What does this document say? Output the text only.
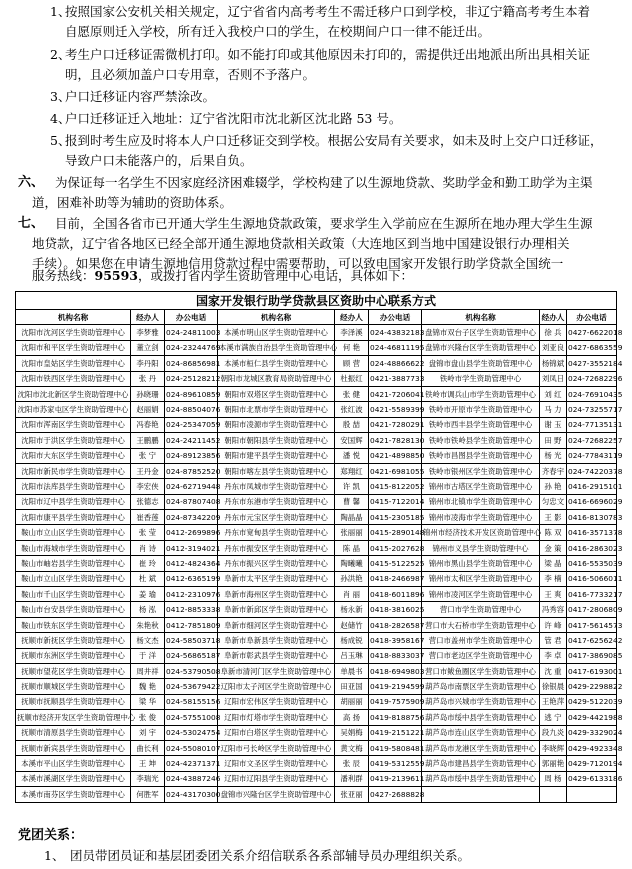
1、
按照国家公安机关相关规定，辽宁省省内高考考生不需迁移户口到学校，非辽宁籍高考考生本着
自愿原则迁入学校，所有迁入我校户口的学生，在校期间户口一律不能迁出。
2、
考生户口迁移证需微机打印。如不能打印或其他原因未打印的，需提供迁出地派出所出具相关证
明，且必须加盖户口专用章，否则不予落户。
3、
户口迁移证内容严禁涂改。
4、
户口迁移证迁入地址：辽宁省沈阳市沈北新区沈北路 53 号。
5、
报到时考生应及时将本人户口迁移证交到学校。根据公安局有关要求，如未及时上交户口迁移证，
导致户口未能落户的，后果自负。
六、 为保证每一名学生不因家庭经济困难辍学，学校构建了以生源地贷款、奖助学金和勤工助学为主渠
道，困难补助等为辅助的资助体系。
七、 目前，全国各省市已开通大学生生源地贷款政策，要求学生入学前应在生源所在地办理大学生生源
地贷款，辽宁省各地区已经全部开通生源地贷款相关政策（大连地区到当地中国建设银行办理相关
手续）。如果您在申请生源地信用贷款过程中需要帮助，可以致电国家开发银行助学贷款全国统一
服务热线：95593，或拨打省内学生资助管理中心电话，具体如下：
国家开发银行助学贷款县区资助中心联系方式								
机构名称	经办人	办公电话	机构名称	经办人	办公电话	机构名称	经办人	办公电话
沈阳市沈河区学生资助管理中心	李梦雅	024-24811003	本溪市明山区学生资助管理中心	李泽溪	024-43832183	盘锦市双台子区学生资助管理中心	徐 兵	0427-6622018
沈阳市和平区学生资助管理中心	董立剑	024-23244769	本溪市满族自治县学生资助管理中心	何 艳	024-46811195	盘锦市兴隆台区学生资助管理中心	刘亚良	0427-6863559
沈阳市皇姑区学生资助管理中心	李丹阳	024-86856981	本溪市桓仁县学生资助管理中心	顾 营	024-48866622	盘锦市盘山县学生资助管理中心	杨锦斌	0427-3552184
沈阳市铁西区学生资助管理中心	张 丹	024-25128212	朝阳市龙城区教育局资助管理中心	杜振红	0421-3887733	铁岭市学生资助管理中心	刘凤日	024-72682296
沈阳市沈北新区学生资助管理中心	孙晓珊	024-89610859	朝阳市双塔区学生资助管理中心	张 健	0421-7206041	铁岭市调兵山市学生资助管理中心	刘 红	024-76910435
沈阳市苏家屯区学生资助管理中心	赵丽娟	024-88504076	朝阳市北票市学生资助管理中心	张红波	0421-5589399	铁岭市开原市学生资助管理中心	马 力	024-73255717
沈阳市浑南区学生资助管理中心	冯春艳	024-25347059	朝阳市凌源市学生资助管理中心	殷 喆	0421-7280291	铁岭市西丰县学生资助管理中心	谢 玉	024-77135131
沈阳市于洪区学生资助管理中心	王鹏鹏	024-24211452	朝阳市朝阳县学生资助管理中心	安国辉	0421-7828130	铁岭市铁岭县学生资助管理中心	田 野	024-72682257
沈阳市大东区学生资助管理中心	张 宁	024-89123856	朝阳市建平县学生资助管理中心	潘 悦	0421-4898850	铁岭市昌图县学生资助管理中心	杨 光	024-77843119
沈阳市新民市学生资助管理中心	王丹金	024-87852520	朝阳市喀左县学生资助管理中心	郑翔红	0421-6981055	铁岭市银州区学生资助管理中心	齐春宇	024-74220378
沈阳市法库县学生资助管理中心	李宏侠	024-62719448	丹东市凤城市学生资助管理中心	许 凯	0415-8122052	锦州市古塔区学生资助管理中心	孙 艳	0416-2915101
沈阳市辽中县学生资助管理中心	张德志	024-87807408	丹东市东港市学生资助管理中心	曹 馨	0415-7122014	锦州市北镇市学生资助管理中心	匀忠文	0416-6696029
沈阳市康平县学生资助管理中心	崔香莲	024-87342209	丹东市元宝区学生资助管理中心	陶晶晶	0415-2305185	锦州市凌海市学生资助管理中心	王 影	0416-8130783
鞍山市立山区学生资助管理中心	张 莹	0412-2699896	丹东市宽甸县学生资助管理中心	张丽丽	0415-2890148	锦州市经济技术开发区资助管理中心	陈 双	0416-3571378
鞍山市海城市学生资助管理中心	肖 诗	0412-3194021	丹东市振安区学生资助管理中心	陈 晶	0415-2027628	锦州市义县学生资助管理中心	金 策	0416-2863023
鞍山市岫岩县学生资助管理中心	崔 玲	0412-4824364	丹东市振兴区学生资助管理中心	陶曦曦	0415-5122525	锦州市黑山县学生资助管理中心	梁 晶	0416-5535039
鞍山市立山区学生资助管理中心	杜 斌	0412-6365199	阜新市太平区学生资助管理中心	孙洪艳	0418-2466987	锦州市太和区学生资助管理中心	李 楠	0416-5066011
鞍山市千山区学生资助管理中心	姜 瑜	0412-2310976	阜新市海州区学生资助管理中心	肖 丽	0418-6011896	锦州市凌河区学生资助管理中心	王 爽	0416-7733217
鞍山市台安县学生资助管理中心	杨 泓	0412-8853338	阜新市新邱区学生资助管理中心	杨永新	0418-3816025	营口市学生资助管理中心	冯秀容	0417-2806809
鞍山市铁东区学生资助管理中心	朱艳秋	0412-7851809	阜新市细河区学生资助管理中心	赵储竹	0418-2826587	营口市大石桥市学生资助管理中心	许 峰	0417-5614573
抚顺市新抚区学生资助管理中心	杨文杰	024-58503718	阜新市阜新县学生资助管理中心	杨成锐	0418-3958167	营口市盖州市学生资助管理中心	管 君	0417-6256242
抚顺市东洲区学生资助管理中心	于 洋	024-56865187	阜新市彰武县学生资助管理中心	吕玉琳	0418-8833037	营口市老边区学生资助管理中心	李 卓	0417-3869085
抚顺市望花区学生资助管理中心	周井祥	024-53790508	阜新市清河门区学生资助管理中心	单晨书	0418-6949803	营口市鲅鱼圈区学生资助管理中心	沈 重	0417-6193001
抚顺市顺城区学生资助管理中心	魏 艳	024-53679422	辽阳市太子河区学生资助管理中心	田亚国	0419-2194599	葫芦岛市南票区学生资助管理中心	徐银晨	0429-2298822
抚顺市抚顺县学生资助管理中心	梁 华	024-58155156	辽阳市宏伟区学生资助管理中心	胡丽丽	0419-7575909	葫芦岛市兴城市学生资助管理中心	王艳萍	0429-5122039
抚顺市经济开发区学生资助管理中心	张 俊	024-57551008	辽阳市灯塔市学生资助管理中心	高 扬	0419-8188756	葫芦岛市绥中县学生资助管理中心	逃 宁	0429-4421988
抚顺市清原县学生资助管理中心	刘 宇	024-53024754	辽阳市白塔区学生资助管理中心	吴娟梅	0419-2151221	葫芦岛市连山区学生资助管理中心	段九炎	0429-3329024
抚顺市新宾县学生资助管理中心	曲长利	024-55080107	辽阳市弓长岭区学生资助管理中心	黄文梅	0419-5808481	葫芦岛市龙港区学生资助管理中心	李晓辉	0429-4923348
本溪市平山区学生资助管理中心	王 坤	024-42371371	辽阳市文圣区学生资助管理中心	张 辰	0419-5312559	葫芦岛市建昌县学生资助管理中心	郭丽艳	0429-7120194
本溪市溪湖区学生资助管理中心	李瑞光	024-43887246	辽阳市辽阳县学生资助管理中心	潘利群	0419-2139611	葫芦岛市绥中县学生资助管理中心	周 杨	0429-6133186
本溪市南芬区学生资助管理中心	何胜军	024-43170300	盘锦市兴隆台区学生资助管理中心	张亚丽	0427-2688828			
党团关系：
1、 团员带团员证和基层团委团关系介绍信联系各系部辅导员办理组织关系。
